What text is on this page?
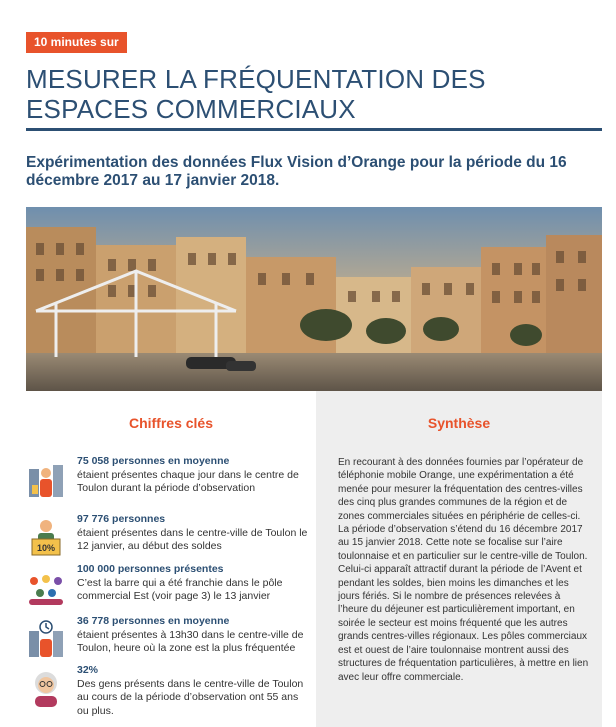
10 minutes sur
MESURER LA FRÉQUENTATION DES
ESPACES COMMERCIAUX

Expérimentation des données Flux Vision d’Orange pour la période du 16 décembre 2017 au 17 janvier 2018.

Chiffres clés
75 058 personnes en moyenne
étaient présentes chaque jour dans le centre de Toulon durant la période d’observation
10%
97 776 personnes
étaient présentes dans le centre-ville de Toulon le 12 janvier, au début des soldes
100 000 personnes présentes
C’est la barre qui a été franchie dans le pôle commercial Est (voir page 3) le 13 janvier
36 778 personnes en moyenne
étaient présentes à 13h30 dans le centre-ville de Toulon, heure où la zone est la plus fréquentée
32%
Des gens présents dans le centre-ville de Toulon au cours de la période d’observation ont 55 ans ou plus.
Synthèse

En recourant à des données fournies par l’opérateur de téléphonie mobile Orange, une expérimentation a été menée pour mesurer la fréquentation des centres-villes des cinq plus grandes communes de la région et de zones commerciales situées en périphérie de celles-ci. La période d’observation s’étend du 16 décembre 2017 au 15 janvier 2018. Cette note se focalise sur l’aire toulonnaise et en particulier sur le centre-ville de Toulon. Celui-ci apparaît attractif durant la période de l’Avent et pendant les soldes, bien moins les dimanches et les jours fériés. Si le nombre de présences relevées à l’heure du déjeuner est particulièrement important, en soirée le secteur est moins fréquenté que les autres grands centres-villes régionaux. Les pôles commerciaux est et ouest de l’aire toulonnaise montrent aussi des structures de fréquentation particulières, à mettre en lien avec leur offre commerciale.
